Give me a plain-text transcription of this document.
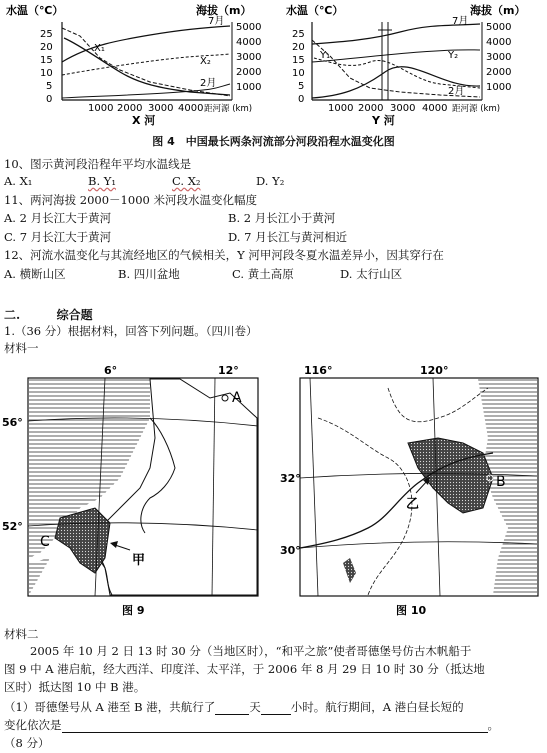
水温（℃）	海拔（m）
25
20
15
10
5
0
5000
4000
3000
2000
1000
1000 2000 3000 4000 距河源 (km)
X 河
X₁
X₂
7月
2月
水温（℃）	海拔（m）
25
20
15
10
5
0
5000
4000
3000
2000
1000
1000 2000 3000 4000 距河源 (km)
Y 河
Y₁	Y₂
7月
2月
图 4　中国最长两条河流部分河段沿程水温变化图
10、图示黄河段沿程年平均水温线是
A. X₁	B. Y₁	C. X₂	D. Y₂
11、两河海拔 2000－1000 米河段水温变化幅度
A. 2 月长江大于黄河	B. 2 月长江小于黄河
C. 7 月长江大于黄河	D. 7 月长江与黄河相近
12、河流水温变化与其流经地区的气候相关，Y 河甲河段冬夏水温差异小，因其穿行在
A. 横断山区	B. 四川盆地	C. 黄土高原	D. 太行山区
二.	综合题
1.（36 分）根据材料，回答下列问题。（四川卷）
材料一
6°	12°
56°
52°
A
C
甲
图 9
116°	120°
32°
30°
B
乙
图 10
材料二
2005 年 10 月 2 日 13 时 30 分（当地区时），“和平之旅”使者哥德堡号仿古木帆船于
图 9 中 A 港启航，经大西洋、印度洋、太平洋，于 2006 年 8 月 29 日 10 时 30 分（抵达地
区时）抵达图 10 中 B 港。
（1）哥德堡号从 A 港至 B 港，共航行了	天	小时。航行期间，A 港白昼长短的
变化依次是	。
（8 分）
